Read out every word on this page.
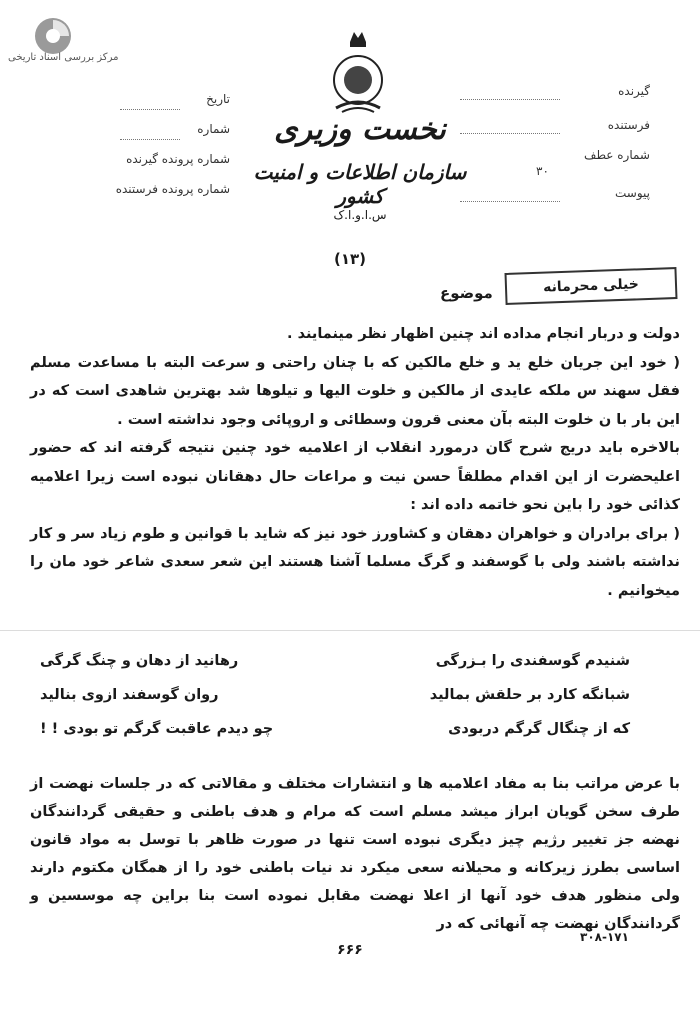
مرکز بررسی اسناد تاریخی
نخست وزیری
سازمان اطلاعات و امنیت کشور
س.ا.و.ا.ک
(۱۳)
تاریخ
شماره
شماره پرونده گیرنده
شماره پرونده فرستنده
گیرنده
فرستنده
شماره عطف
۳۰
پیوست
خیلی محرمانه
موضوع

دولت و دربار انجام مداده اند چنین اظهار نظر مینمایند .

( خود این جریان خلع ید و خلع مالکین که با چنان راحتی و سرعت البته با مساعدت مسلم فقل سهند س ملکه عایدی از مالکین و خلوت الیها و تیلوها شد بهترین شاهدی است که در این بار با ن خلوت البته بآن معنی قرون وسطائی و اروپائی وجود نداشته است .

بالاخره باید دریج شرح گان درمورد انقلاب از اعلامیه خود چنین نتیجه گرفته اند که حضور اعلیحضرت از این اقدام مطلقاً حسن نیت و مراعات حال دهقانان نبوده است زیرا اعلامیه کذائی خود را باین نحو خاتمه داده اند :

( برای برادران و خواهران دهقان و کشاورز خود نیز که شاید با قوانین و طوم زیاد سر و کار نداشته باشند ولی با گوسفند و گرگ مسلما آشنا هستند این شعر سعدی شاعر خود مان را میخوانیم .

شنیدم گوسفندی را بـزرگی
رهانید از دهان و چنگ گرگی
شبانگه کارد بر حلقش بمالید
روان گوسفند ازوی بنالید
که از چنگال گرگم دربودی
چو دیدم عاقبت گرگم تو بودی ! !
با عرض مراتب بنا به مفاد اعلامیه ها و انتشارات مختلف و مقالاتی که در جلسات نهضت از طرف سخن گویان ابراز میشد مسلم است که مرام و هدف باطنی و حقیقی گردانندگان نهضه جز تغییر رژیم چیز دیگری نبوده است تنها در صورت ظاهر با توسل به مواد قانون اساسی بطرز زیرکانه و محیلانه سعی میکرد ند نیات باطنی خود را از همگان مکتوم دارند ولی منظور هدف خود آنها از اعلا نهضت مقابل نموده است بنا براین چه موسسین و گردانندگان نهضت چه آنهائی که در
۶۶۶
۳۰۸-۱۷۱
